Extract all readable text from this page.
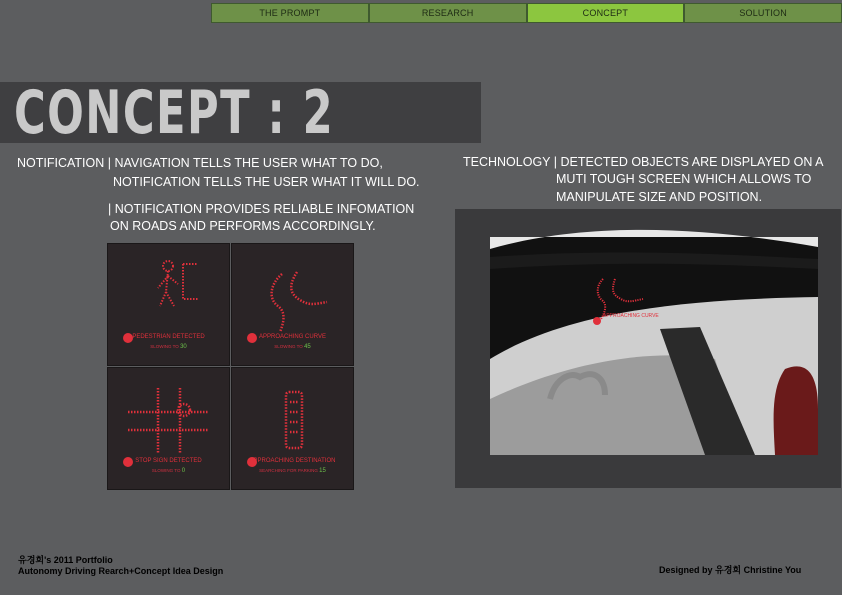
THE PROMPT	RESEARCH	CONCEPT	SOLUTION
CONCEPT : 2
NOTIFICATION | NAVIGATION TELLS THE USER WHAT TO DO,
NOTIFICATION TELLS THE USER WHAT IT WILL DO.
| NOTIFICATION PROVIDES RELIABLE INFOMATION
ON ROADS AND PERFORMS ACCORDINGLY.
TECHNOLOGY | DETECTED OBJECTS ARE DISPLAYED ON A
MUTI TOUGH SCREEN WHICH ALLOWS TO
MANIPULATE SIZE AND POSITION.
PEDESTRIAN DETECTED
SLOWING TO 30
APPROACHING CURVE
SLOWING TO 45
STOP SIGN DETECTED
SLOWING TO 0
APPROACHING DESTINATION
SEARCHING FOR PARKING 15
APPROACHING CURVE
유경희's 2011 Portfolio
Autonomy Driving Rearch+Concept Idea Design	Designed by 유경희 Christine You
